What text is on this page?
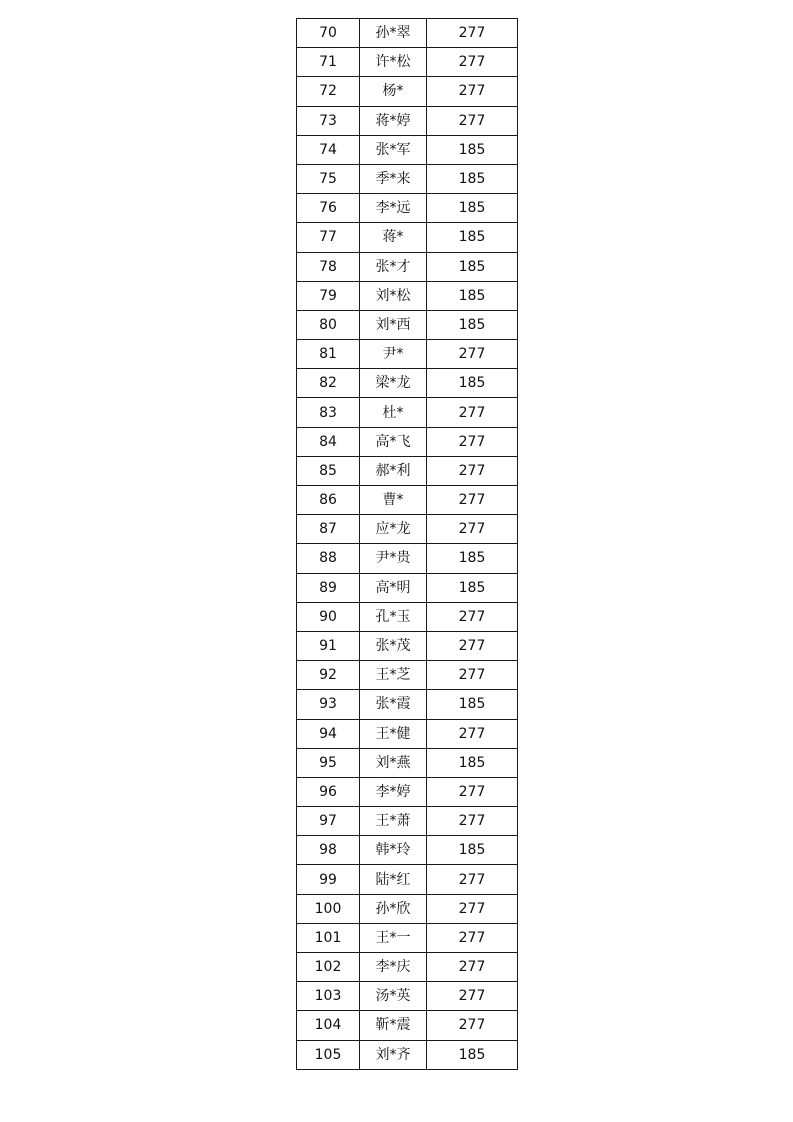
70	孙*翠	277
71	许*松	277
72	杨*	277
73	蒋*婷	277
74	张*军	185
75	季*来	185
76	李*远	185
77	蒋*	185
78	张*才	185
79	刘*松	185
80	刘*西	185
81	尹*	277
82	梁*龙	185
83	杜*	277
84	高*飞	277
85	郝*利	277
86	曹*	277
87	应*龙	277
88	尹*贵	185
89	高*明	185
90	孔*玉	277
91	张*茂	277
92	王*芝	277
93	张*霞	185
94	王*健	277
95	刘*燕	185
96	李*婷	277
97	王*萧	277
98	韩*玲	185
99	陆*红	277
100	孙*欣	277
101	王*一	277
102	李*庆	277
103	汤*英	277
104	靳*震	277
105	刘*齐	185
